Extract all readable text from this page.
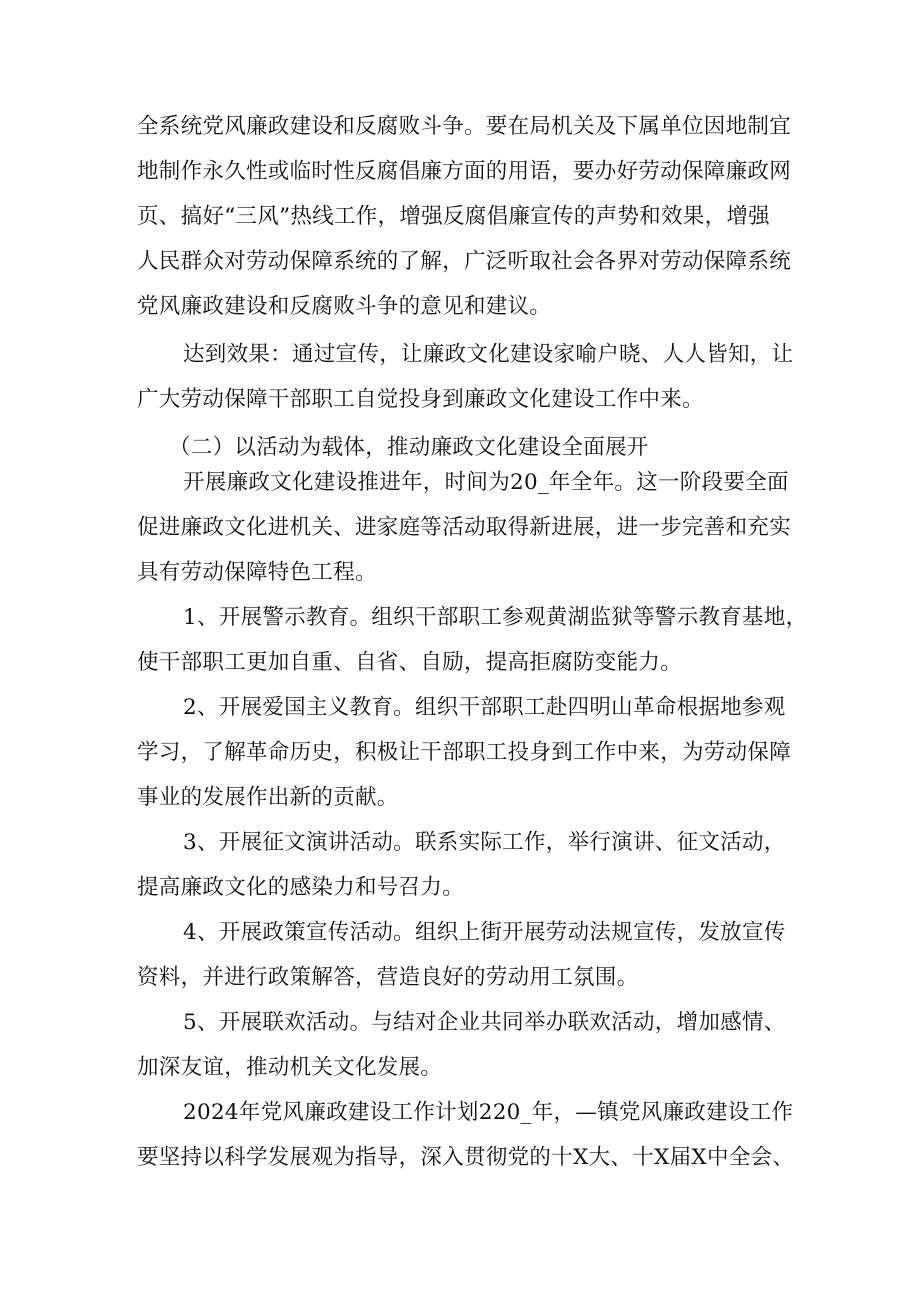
全系统党风廉政建设和反腐败斗争。要在局机关及下属单位因地制宜
地制作永久性或临时性反腐倡廉方面的用语，要办好劳动保障廉政网
页、搞好“三风”热线工作，增强反腐倡廉宣传的声势和效果，增强
人民群众对劳动保障系统的了解，广泛听取社会各界对劳动保障系统
党风廉政建设和反腐败斗争的意见和建议。
达到效果：通过宣传，让廉政文化建设家喻户晓、人人皆知，让
广大劳动保障干部职工自觉投身到廉政文化建设工作中来。
（二）以活动为载体，推动廉政文化建设全面展开
开展廉政文化建设推进年，时间为20_年全年。这一阶段要全面
促进廉政文化进机关、进家庭等活动取得新进展，进一步完善和充实
具有劳动保障特色工程。
1、开展警示教育。组织干部职工参观黄湖监狱等警示教育基地，
使干部职工更加自重、自省、自励，提高拒腐防变能力。
2、开展爱国主义教育。组织干部职工赴四明山革命根据地参观
学习，了解革命历史，积极让干部职工投身到工作中来，为劳动保障
事业的发展作出新的贡献。
3、开展征文演讲活动。联系实际工作，举行演讲、征文活动，
提高廉政文化的感染力和号召力。
4、开展政策宣传活动。组织上街开展劳动法规宣传，发放宣传
资料，并进行政策解答，营造良好的劳动用工氛围。
5、开展联欢活动。与结对企业共同举办联欢活动，增加感情、
加深友谊，推动机关文化发展。
2024年党风廉政建设工作计划220_年，—镇党风廉政建设工作
要坚持以科学发展观为指导，深入贯彻党的十X大、十X届X中全会、
